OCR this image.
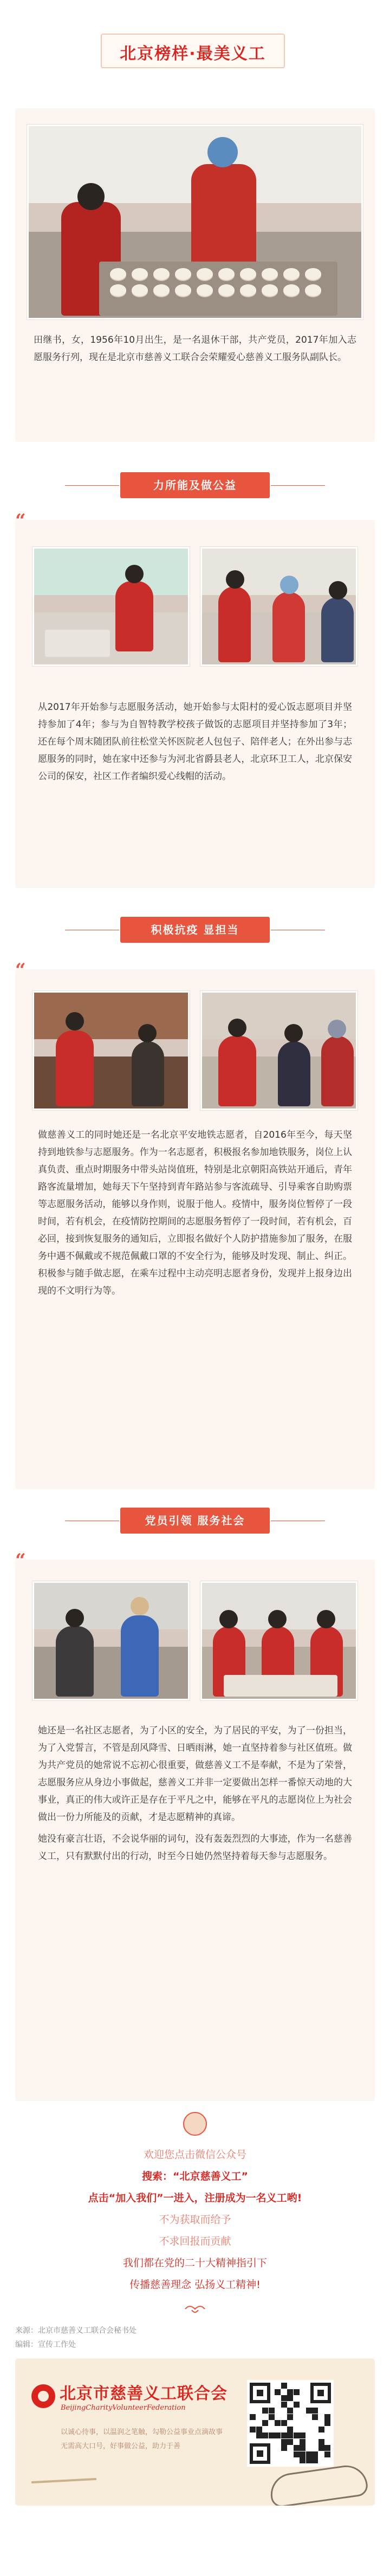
北京榜样·最美义工

田继书，女，1956年10月出生，是一名退休干部，共产党员，2017年加入志愿服务行列，现在是北京市慈善义工联合会荣耀爱心慈善义工服务队副队长。

力所能及做公益
“

从2017年开始参与志愿服务活动，她开始参与太阳村的爱心饭志愿项目并坚持参加了4年；参与为自智特教学校孩子做饭的志愿项目并坚持参加了3年；还在每个周末随团队前往松堂关怀医院老人包包子、陪伴老人；在外出参与志愿服务的同时，她在家中还参与为河北省爵县老人，北京环卫工人，北京保安公司的保安，社区工作者编织爱心线帽的活动。

积极抗疫 显担当
“

做慈善义工的同时她还是一名北京平安地铁志愿者，自2016年至今，每天坚持到地铁参与志愿服务。作为一名志愿者，积极报名参加地铁服务，岗位上认真负责、重点时期服务中带头站岗值班，特别是北京朝阳高铁站开通后，青年路客流量增加，她每天下午坚持到青年路站参与客流疏导、引导乘客自助购票等志愿服务活动，能够以身作则，说服于他人。疫情中，服务岗位暂停了一段时间，若有机会，在疫情防控期间的志愿服务暂停了一段时间，若有机会，百必回，接到恢复服务的通知后，立即报名做好个人防护措施参加了服务，在服务中遇不佩戴或不规范佩戴口罩的不安全行为，能够及时发现、制止、纠正。积极参与随手做志愿，在乘车过程中主动亮明志愿者身份，发现并上报身边出现的不文明行为等。

党员引领 服务社会
“

她还是一名社区志愿者，为了小区的安全，为了居民的平安，为了一份担当，为了入党誓言，不管是刮风降雪、日晒雨淋，她一直坚持着参与社区值班。做为共产党员的她常说不忘初心很重要，做慈善义工不是奉献，不是为了荣誉，志愿服务应从身边小事做起，慈善义工并非一定要做出怎样一番惊天动地的大事业，真正的伟大或许正是存在于平凡之中，能够在平凡的志愿岗位上为社会做出一份力所能及的贡献，才是志愿精神的真谛。

她没有豪言壮语，不会说华丽的词句，没有轰轰烈烈的大事迹，作为一名慈善义工，只有默默付出的行动，时至今日她仍然坚持着每天参与志愿服务。

欢迎您点击微信公众号
搜索：“北京慈善义工”
点击“加入我们”一进入，注册成为一名义工哟!
不为获取而给予
不求回报而贡献
我们都在党的二十大精神指引下
传播慈善理念 弘扬义工精神!
来源：北京市慈善义工联合会秘书处
编辑：宣传工作处
北京市慈善义工联合会
BeijingCharityVolunteerFederation
以诚心待事，以温润之笔触，勾勒公益事业点滴故事
无需高大口号，好事做公益，助力于善
